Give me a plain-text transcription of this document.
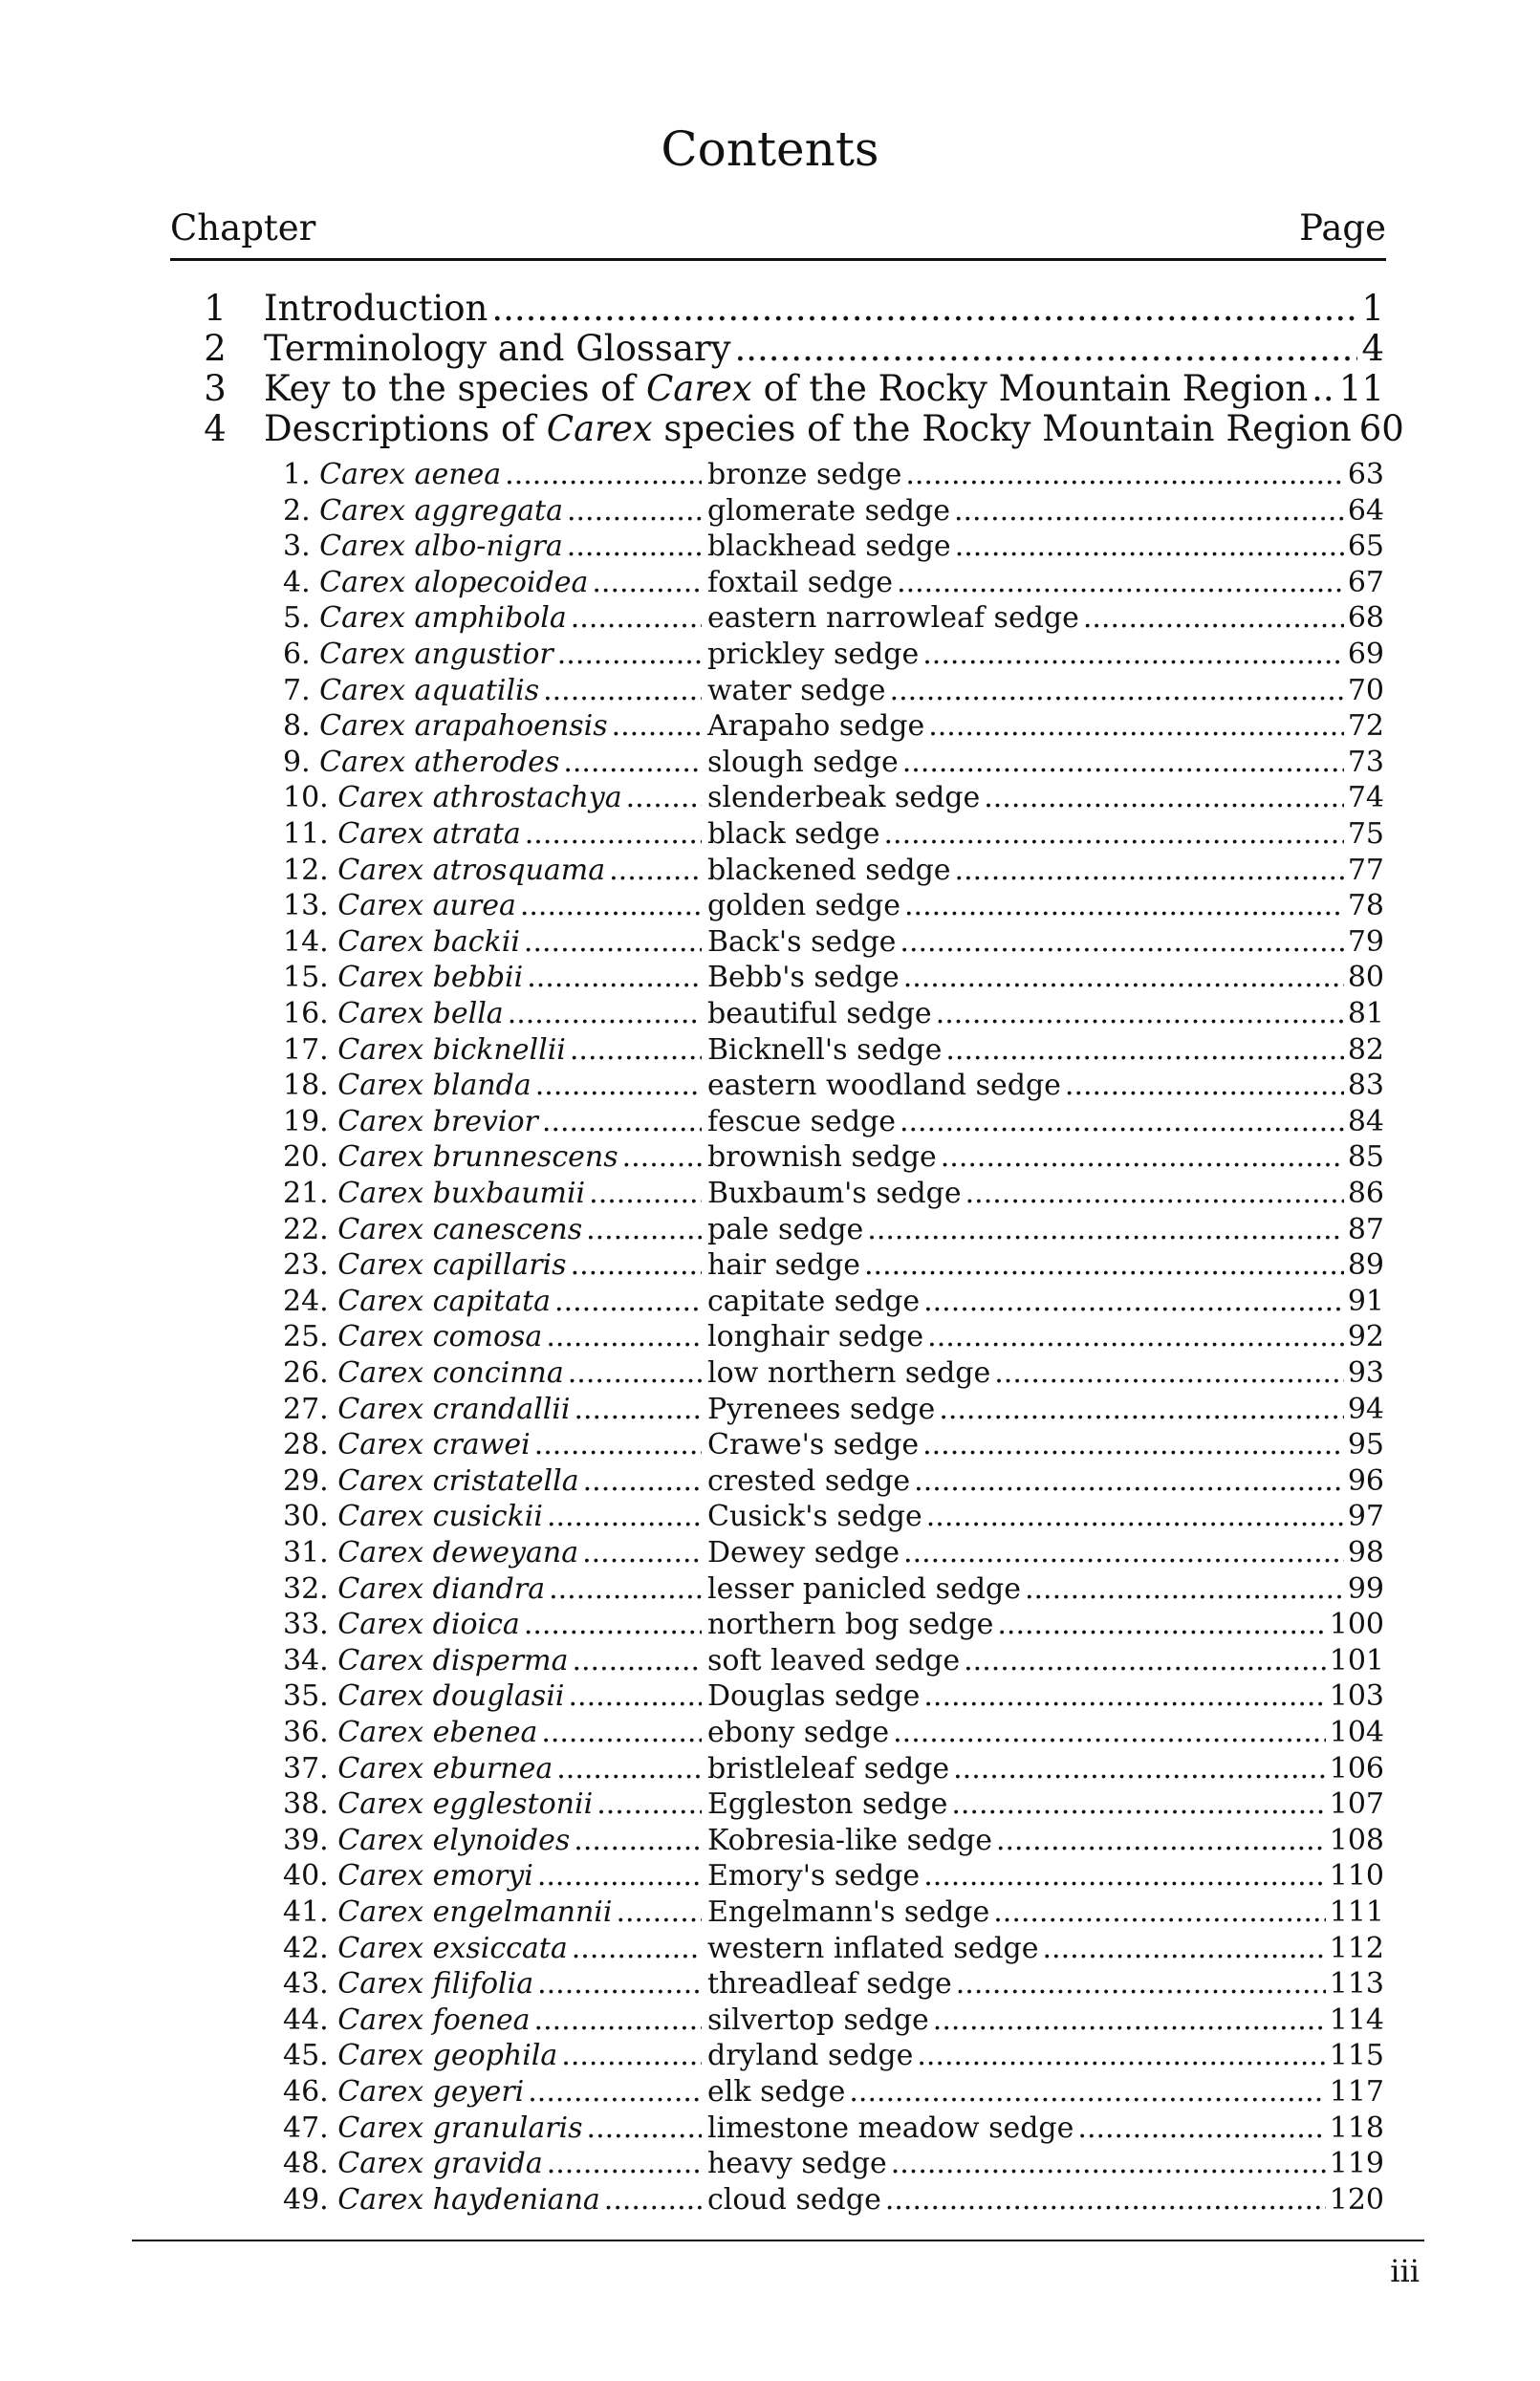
Contents
Chapter	Page
1 Introduction .....	1
2 Terminology and Glossary .....	4
3 Key to the species of Carex of the Rocky Mountain Region ..... 11
4 Descriptions of Carex species of the Rocky Mountain Region 60
1.
Carex aenea .....	bronze sedge .....	63
2.
Carex aggregata .....	glomerate sedge .....	64
3.
Carex albo-nigra .....	blackhead sedge .....	65
4.
Carex alopecoidea .....	foxtail sedge .....	67
5.
Carex amphibola .....	eastern narrowleaf sedge .....	68
6.
Carex angustior .....	prickley sedge .....	69
7.
Carex aquatilis .....	water sedge .....	70
8.
Carex arapahoensis .....	Arapaho sedge .....	72
9.
Carex atherodes .....	slough sedge .....	73
10.
Carex athrostachya .....	slenderbeak sedge .....	74
11.
Carex atrata .....	black sedge .....	75
12.
Carex atrosquama .....	blackened sedge .....	77
13.
Carex aurea .....	golden sedge .....	78
14.
Carex backii .....	Back's sedge .....	79
15.
Carex bebbii .....	Bebb's sedge .....	80
16.
Carex bella .....	beautiful sedge .....	81
17.
Carex bicknellii .....	Bicknell's sedge .....	82
18.
Carex blanda .....	eastern woodland sedge .....	83
19.
Carex brevior .....	fescue sedge .....	84
20.
Carex brunnescens .....	brownish sedge .....	85
21.
Carex buxbaumii .....	Buxbaum's sedge .....	86
22.
Carex canescens .....	pale sedge .....	87
23.
Carex capillaris .....	hair sedge .....	89
24.
Carex capitata .....	capitate sedge .....	91
25.
Carex comosa .....	longhair sedge .....	92
26.
Carex concinna .....	low northern sedge .....	93
27.
Carex crandallii .....	Pyrenees sedge .....	94
28.
Carex crawei .....	Crawe's sedge .....	95
29.
Carex cristatella .....	crested sedge .....	96
30.
Carex cusickii .....	Cusick's sedge .....	97
31.
Carex deweyana .....	Dewey sedge .....	98
32.
Carex diandra .....	lesser panicled sedge .....	99
33.
Carex dioica .....	northern bog sedge .....	100
34.
Carex disperma .....	soft leaved sedge .....	101
35.
Carex douglasii .....	Douglas sedge .....	103
36.
Carex ebenea .....	ebony sedge .....	104
37.
Carex eburnea .....	bristleleaf sedge .....	106
38.
Carex egglestonii .....	Eggleston sedge .....	107
39.
Carex elynoides .....	Kobresia-like sedge .....	108
40.
Carex emoryi .....	Emory's sedge .....	110
41.
Carex engelmannii .....	Engelmann's sedge .....	111
42.
Carex exsiccata .....	western inflated sedge .....	112
43.
Carex filifolia .....	threadleaf sedge .....	113
44.
Carex foenea .....	silvertop sedge .....	114
45.
Carex geophila .....	dryland sedge .....	115
46.
Carex geyeri .....	elk sedge .....	117
47.
Carex granularis .....	limestone meadow sedge .....	118
48.
Carex gravida .....	heavy sedge .....	119
49.
Carex haydeniana .....	cloud sedge .....	120
iii
